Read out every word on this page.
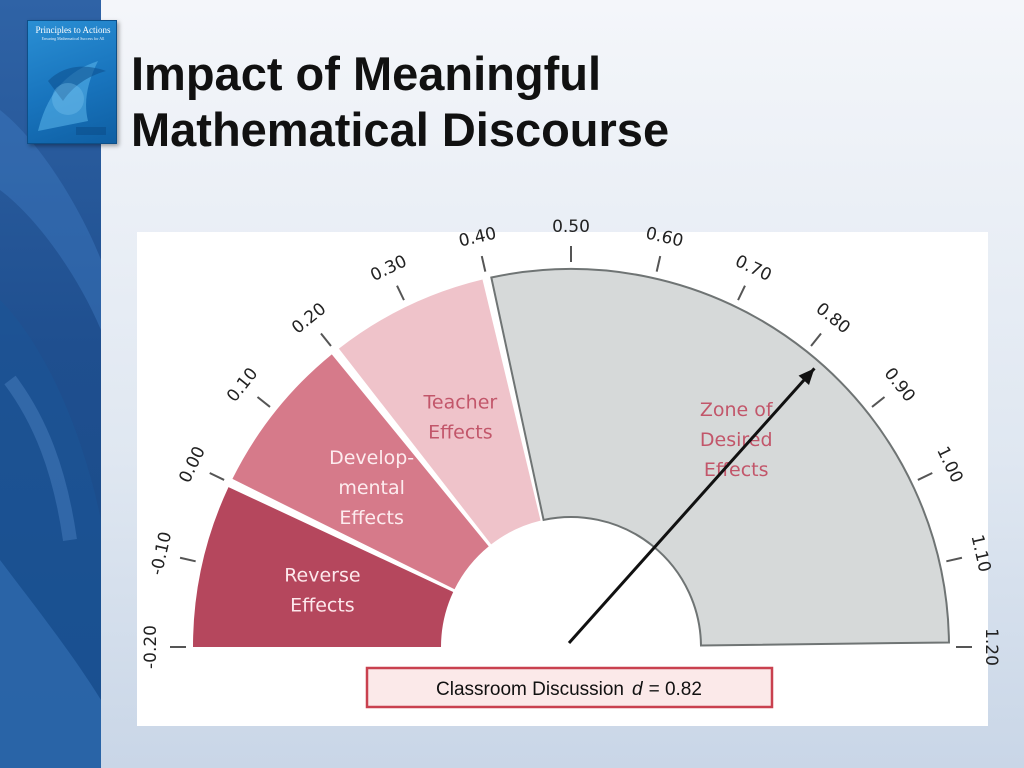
Principles to Actions
Ensuring Mathematical Success for All
Impact of Meaningful
Mathematical Discourse
Reverse Effects
Develop-mental Effects
Teacher Effects
Zone of Desired Effects
-0.20
-0.10
0.00
0.10
0.20
0.30
0.40	0.50	0.60
0.70
0.80
0.90
1.00
1.10
1.20
Classroom Discussion d = 0.82
